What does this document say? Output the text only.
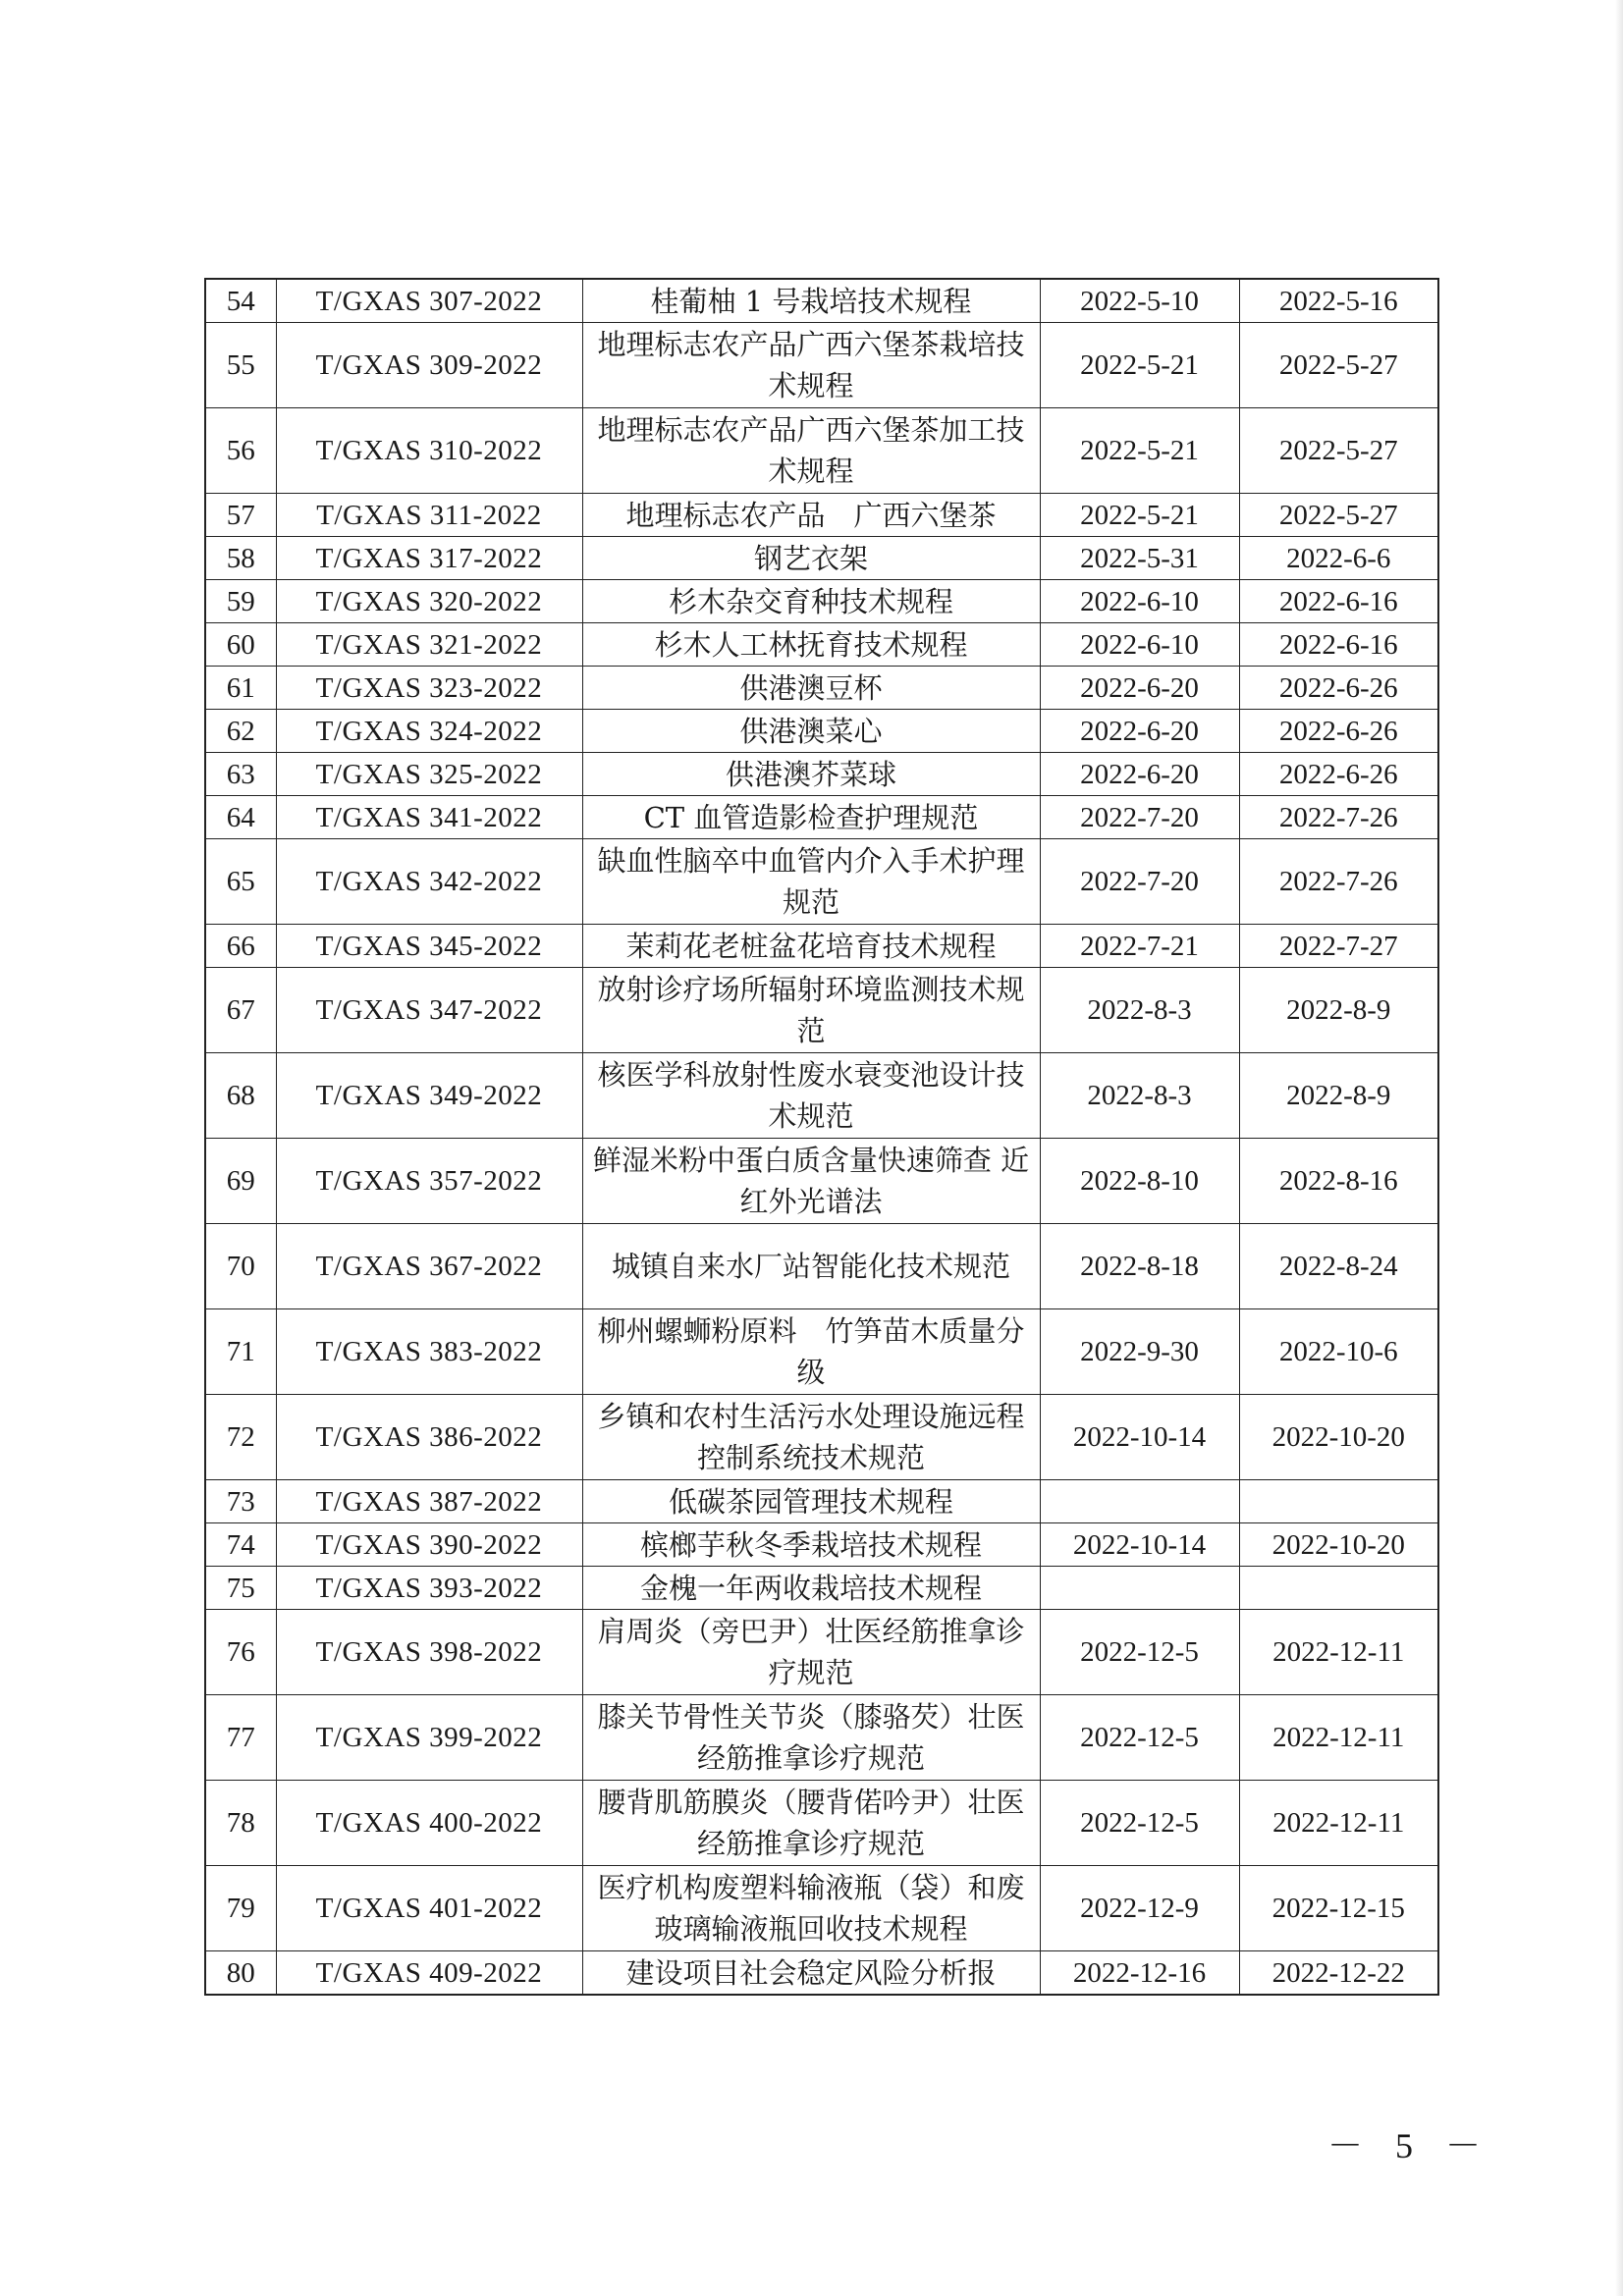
54	T/GXAS 307-2022	桂葡柚 1 号栽培技术规程	2022-5-10	2022-5-16
55	T/GXAS 309-2022	地理标志农产品广西六堡茶栽培技术规程	2022-5-21	2022-5-27
56	T/GXAS 310-2022	地理标志农产品广西六堡茶加工技术规程	2022-5-21	2022-5-27
57	T/GXAS 311-2022	地理标志农产品　广西六堡茶	2022-5-21	2022-5-27
58	T/GXAS 317-2022	钢艺衣架	2022-5-31	2022-6-6
59	T/GXAS 320-2022	杉木杂交育种技术规程	2022-6-10	2022-6-16
60	T/GXAS 321-2022	杉木人工林抚育技术规程	2022-6-10	2022-6-16
61	T/GXAS 323-2022	供港澳豆杯	2022-6-20	2022-6-26
62	T/GXAS 324-2022	供港澳菜心	2022-6-20	2022-6-26
63	T/GXAS 325-2022	供港澳芥菜球	2022-6-20	2022-6-26
64	T/GXAS 341-2022	CT 血管造影检查护理规范	2022-7-20	2022-7-26
65	T/GXAS 342-2022	缺血性脑卒中血管内介入手术护理规范	2022-7-20	2022-7-26
66	T/GXAS 345-2022	茉莉花老桩盆花培育技术规程	2022-7-21	2022-7-27
67	T/GXAS 347-2022	放射诊疗场所辐射环境监测技术规范	2022-8-3	2022-8-9
68	T/GXAS 349-2022	核医学科放射性废水衰变池设计技术规范	2022-8-3	2022-8-9
69	T/GXAS 357-2022	鲜湿米粉中蛋白质含量快速筛查 近红外光谱法	2022-8-10	2022-8-16
70	T/GXAS 367-2022	城镇自来水厂站智能化技术规范	2022-8-18	2022-8-24
71	T/GXAS 383-2022	柳州螺蛳粉原料　竹笋苗木质量分级	2022-9-30	2022-10-6
72	T/GXAS 386-2022	乡镇和农村生活污水处理设施远程控制系统技术规范	2022-10-14	2022-10-20
73	T/GXAS 387-2022	低碳茶园管理技术规程		
74	T/GXAS 390-2022	槟榔芋秋冬季栽培技术规程	2022-10-14	2022-10-20
75	T/GXAS 393-2022	金槐一年两收栽培技术规程		
76	T/GXAS 398-2022	肩周炎（旁巴尹）壮医经筋推拿诊疗规范	2022-12-5	2022-12-11
77	T/GXAS 399-2022	膝关节骨性关节炎（膝骆芡）壮医经筋推拿诊疗规范	2022-12-5	2022-12-11
78	T/GXAS 400-2022	腰背肌筋膜炎（腰背偌吟尹）壮医经筋推拿诊疗规范	2022-12-5	2022-12-11
79	T/GXAS 401-2022	医疗机构废塑料输液瓶（袋）和废玻璃输液瓶回收技术规程	2022-12-9	2022-12-15
80	T/GXAS 409-2022	建设项目社会稳定风险分析报	2022-12-16	2022-12-22
－ 5 －
